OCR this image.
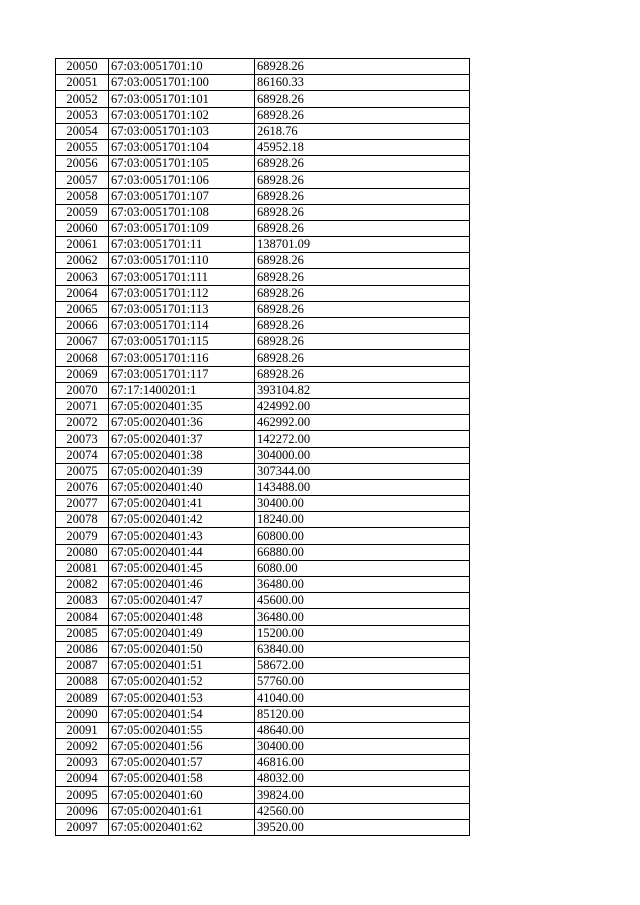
20050	67:03:0051701:10	68928.26
20051	67:03:0051701:100	86160.33
20052	67:03:0051701:101	68928.26
20053	67:03:0051701:102	68928.26
20054	67:03:0051701:103	2618.76
20055	67:03:0051701:104	45952.18
20056	67:03:0051701:105	68928.26
20057	67:03:0051701:106	68928.26
20058	67:03:0051701:107	68928.26
20059	67:03:0051701:108	68928.26
20060	67:03:0051701:109	68928.26
20061	67:03:0051701:11	138701.09
20062	67:03:0051701:110	68928.26
20063	67:03:0051701:111	68928.26
20064	67:03:0051701:112	68928.26
20065	67:03:0051701:113	68928.26
20066	67:03:0051701:114	68928.26
20067	67:03:0051701:115	68928.26
20068	67:03:0051701:116	68928.26
20069	67:03:0051701:117	68928.26
20070	67:17:1400201:1	393104.82
20071	67:05:0020401:35	424992.00
20072	67:05:0020401:36	462992.00
20073	67:05:0020401:37	142272.00
20074	67:05:0020401:38	304000.00
20075	67:05:0020401:39	307344.00
20076	67:05:0020401:40	143488.00
20077	67:05:0020401:41	30400.00
20078	67:05:0020401:42	18240.00
20079	67:05:0020401:43	60800.00
20080	67:05:0020401:44	66880.00
20081	67:05:0020401:45	6080.00
20082	67:05:0020401:46	36480.00
20083	67:05:0020401:47	45600.00
20084	67:05:0020401:48	36480.00
20085	67:05:0020401:49	15200.00
20086	67:05:0020401:50	63840.00
20087	67:05:0020401:51	58672.00
20088	67:05:0020401:52	57760.00
20089	67:05:0020401:53	41040.00
20090	67:05:0020401:54	85120.00
20091	67:05:0020401:55	48640.00
20092	67:05:0020401:56	30400.00
20093	67:05:0020401:57	46816.00
20094	67:05:0020401:58	48032.00
20095	67:05:0020401:60	39824.00
20096	67:05:0020401:61	42560.00
20097	67:05:0020401:62	39520.00
